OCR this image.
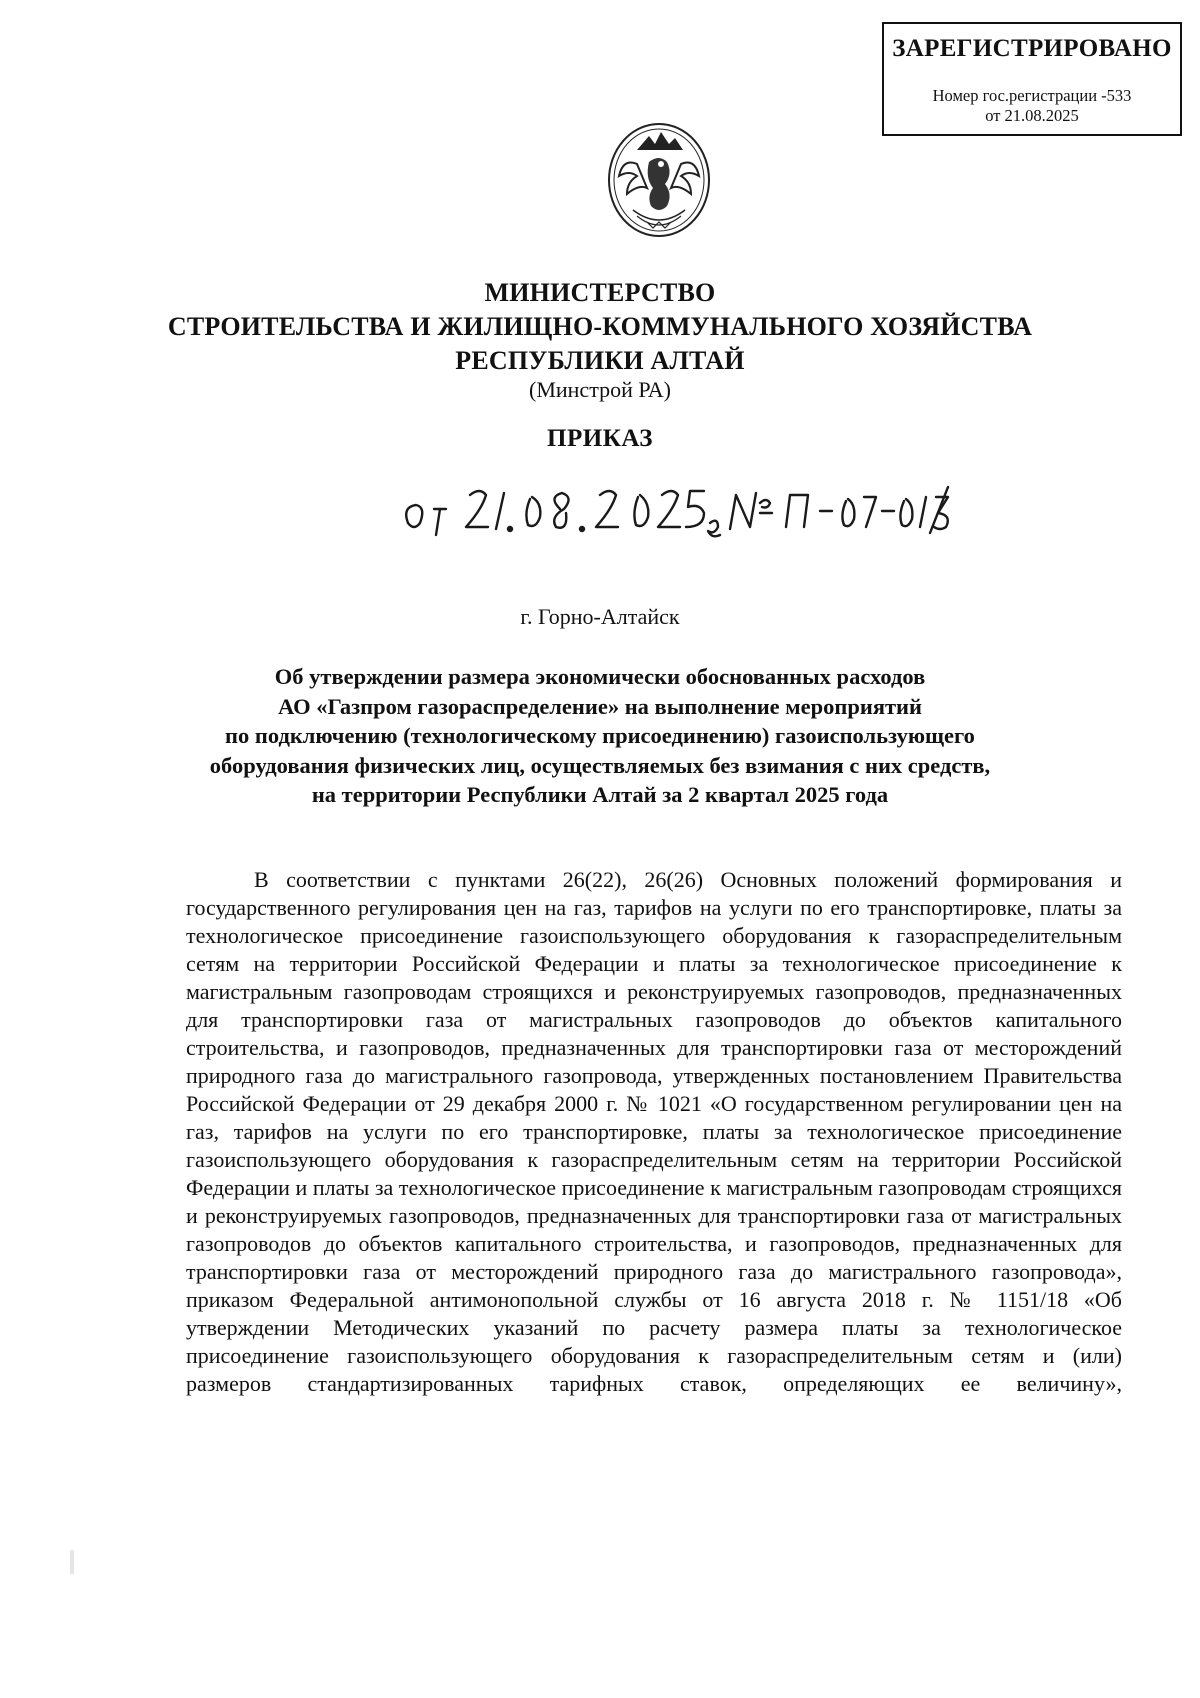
ЗАРЕГИСТРИРОВАНО
Номер гос.регистрации -533
от 21.08.2025
МИНИСТЕРСТВО
СТРОИТЕЛЬСТВА И ЖИЛИЩНО-КОММУНАЛЬНОГО ХОЗЯЙСТВА
РЕСПУБЛИКИ АЛТАЙ
(Минстрой РА)
ПРИКАЗ
г. Горно-Алтайск
Об утверждении размера экономически обоснованных расходов
АО «Газпром газораспределение» на выполнение мероприятий
по подключению (технологическому присоединению) газоиспользующего
оборудования физических лиц, осуществляемых без взимания с них средств,
на территории Республики Алтай за 2 квартал 2025 года

В соответствии с пунктами 26(22), 26(26) Основных положений формирования и государственного регулирования цен на газ, тарифов на услуги по его транспортировке, платы за технологическое присоединение газоиспользующего оборудования к газораспределительным сетям на территории Российской Федерации и платы за технологическое присоединение к магистральным газопроводам строящихся и реконструируемых газопроводов, предназначенных для транспортировки газа от магистральных газопроводов до объектов капитального строительства, и газопроводов, предназначенных для транспортировки газа от месторождений природного газа до магистрального газопровода, утвержденных постановлением Правительства Российской Федерации от 29 декабря 2000 г. № 1021 «О государственном регулировании цен на газ, тарифов на услуги по его транспортировке, платы за технологическое присоединение газоиспользующего оборудования к газораспределительным сетям на территории Российской Федерации и платы за технологическое присоединение к магистральным газопроводам строящихся и реконструируемых газопроводов, предназначенных для транспортировки газа от магистральных газопроводов до объектов капитального строительства, и газопроводов, предназначенных для транспортировки газа от месторождений природного газа до магистрального газопровода», приказом Федеральной антимонопольной службы от 16 августа 2018 г. № 1151/18 «Об утверждении Методических указаний по расчету размера платы за технологическое присоединение газоиспользующего оборудования к газораспределительным сетям и (или) размеров стандартизированных тарифных ставок, определяющих ее величину»,
